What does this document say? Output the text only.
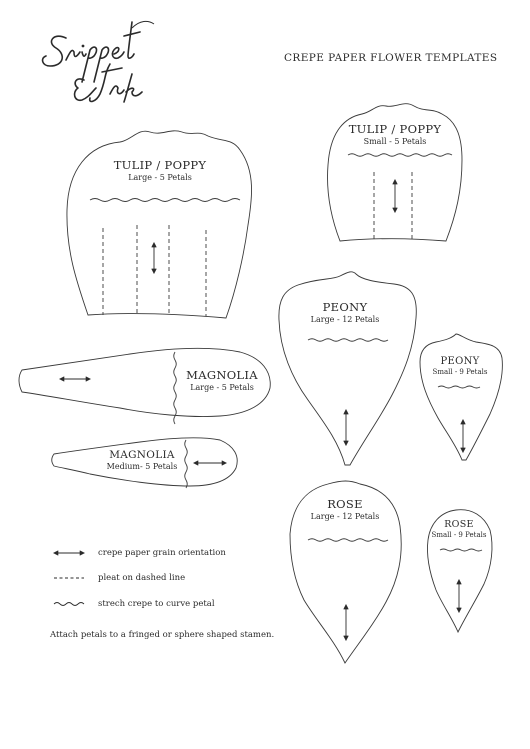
CREPE PAPER FLOWER TEMPLATES
TULIP / POPPY
Large - 5 Petals
TULIP / POPPY
Small - 5 Petals
PEONY
Large - 12 Petals
PEONY
Small - 9 Petals
MAGNOLIA
Large - 5 Petals
MAGNOLIA
Medium- 5 Petals
ROSE
Large - 12 Petals
ROSE
Small - 9 Petals
crepe paper grain orientation
pleat on dashed line
strech crepe to curve petal
Attach petals to a fringed or sphere shaped stamen.
